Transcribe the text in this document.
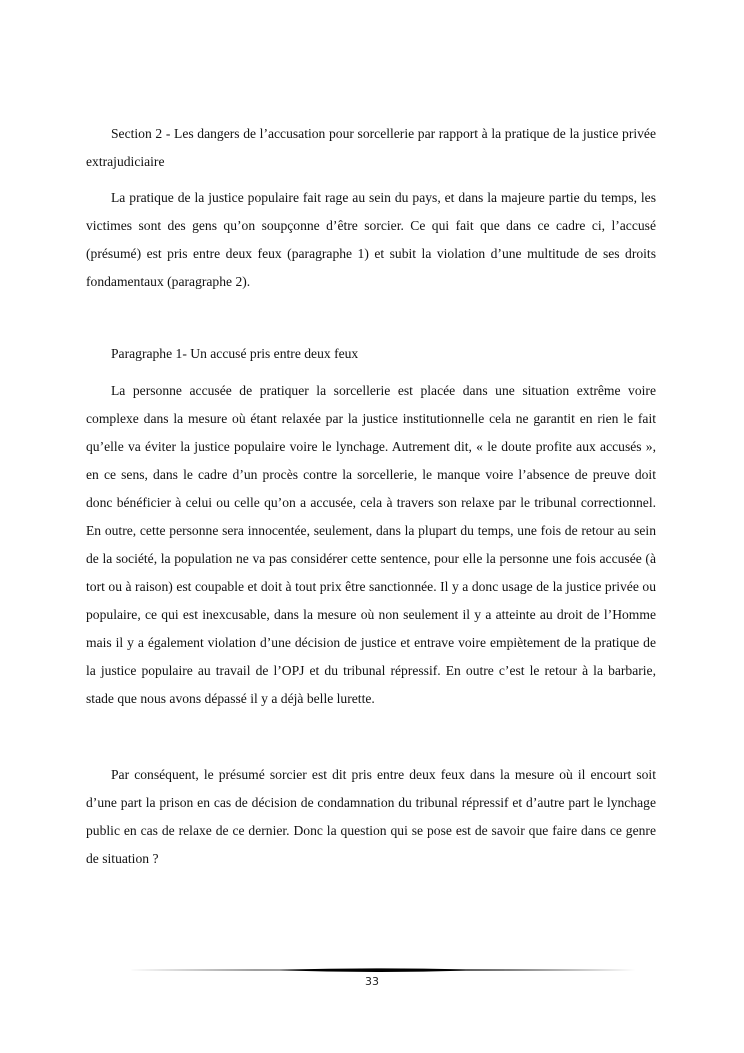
Section 2 - Les dangers de l’accusation pour sorcellerie par rapport à la pratique de la justice privée extrajudiciaire

La pratique de la justice populaire fait rage au sein du pays, et dans la majeure partie du temps, les victimes sont des gens qu’on soupçonne d’être sorcier. Ce qui fait que dans ce cadre ci, l’accusé (présumé) est pris entre deux feux (paragraphe 1) et subit la violation d’une multitude de ses droits fondamentaux (paragraphe 2).

Paragraphe 1- Un accusé pris entre deux feux

La personne accusée de pratiquer la sorcellerie est placée dans une situation extrême voire complexe dans la mesure où étant relaxée par la justice institutionnelle cela ne garantit en rien le fait qu’elle va éviter la justice populaire voire le lynchage. Autrement dit, « le doute profite aux accusés », en ce sens, dans le cadre d’un procès contre la sorcellerie, le manque voire l’absence de preuve doit donc bénéficier à celui ou celle qu’on a accusée, cela à travers son relaxe par le tribunal correctionnel. En outre, cette personne sera innocentée, seulement, dans la plupart du temps, une fois de retour au sein de la société, la population ne va pas considérer cette sentence, pour elle la personne une fois accusée (à tort ou à raison) est coupable et doit à tout prix être sanctionnée. Il y a donc usage de la justice privée ou populaire, ce qui est inexcusable, dans la mesure où non seulement il y a atteinte au droit de l’Homme mais il y a également violation d’une décision de justice et entrave voire empiètement de la pratique de la justice populaire au travail de l’OPJ et du tribunal répressif. En outre c’est le retour à la barbarie, stade que nous avons dépassé il y a déjà belle lurette.

Par conséquent, le présumé sorcier est dit pris entre deux feux dans la mesure où il encourt soit d’une part la prison en cas de décision de condamnation du tribunal répressif et d’autre part le lynchage public en cas de relaxe de ce dernier. Donc la question qui se pose est de savoir que faire dans ce genre de situation ?

33
